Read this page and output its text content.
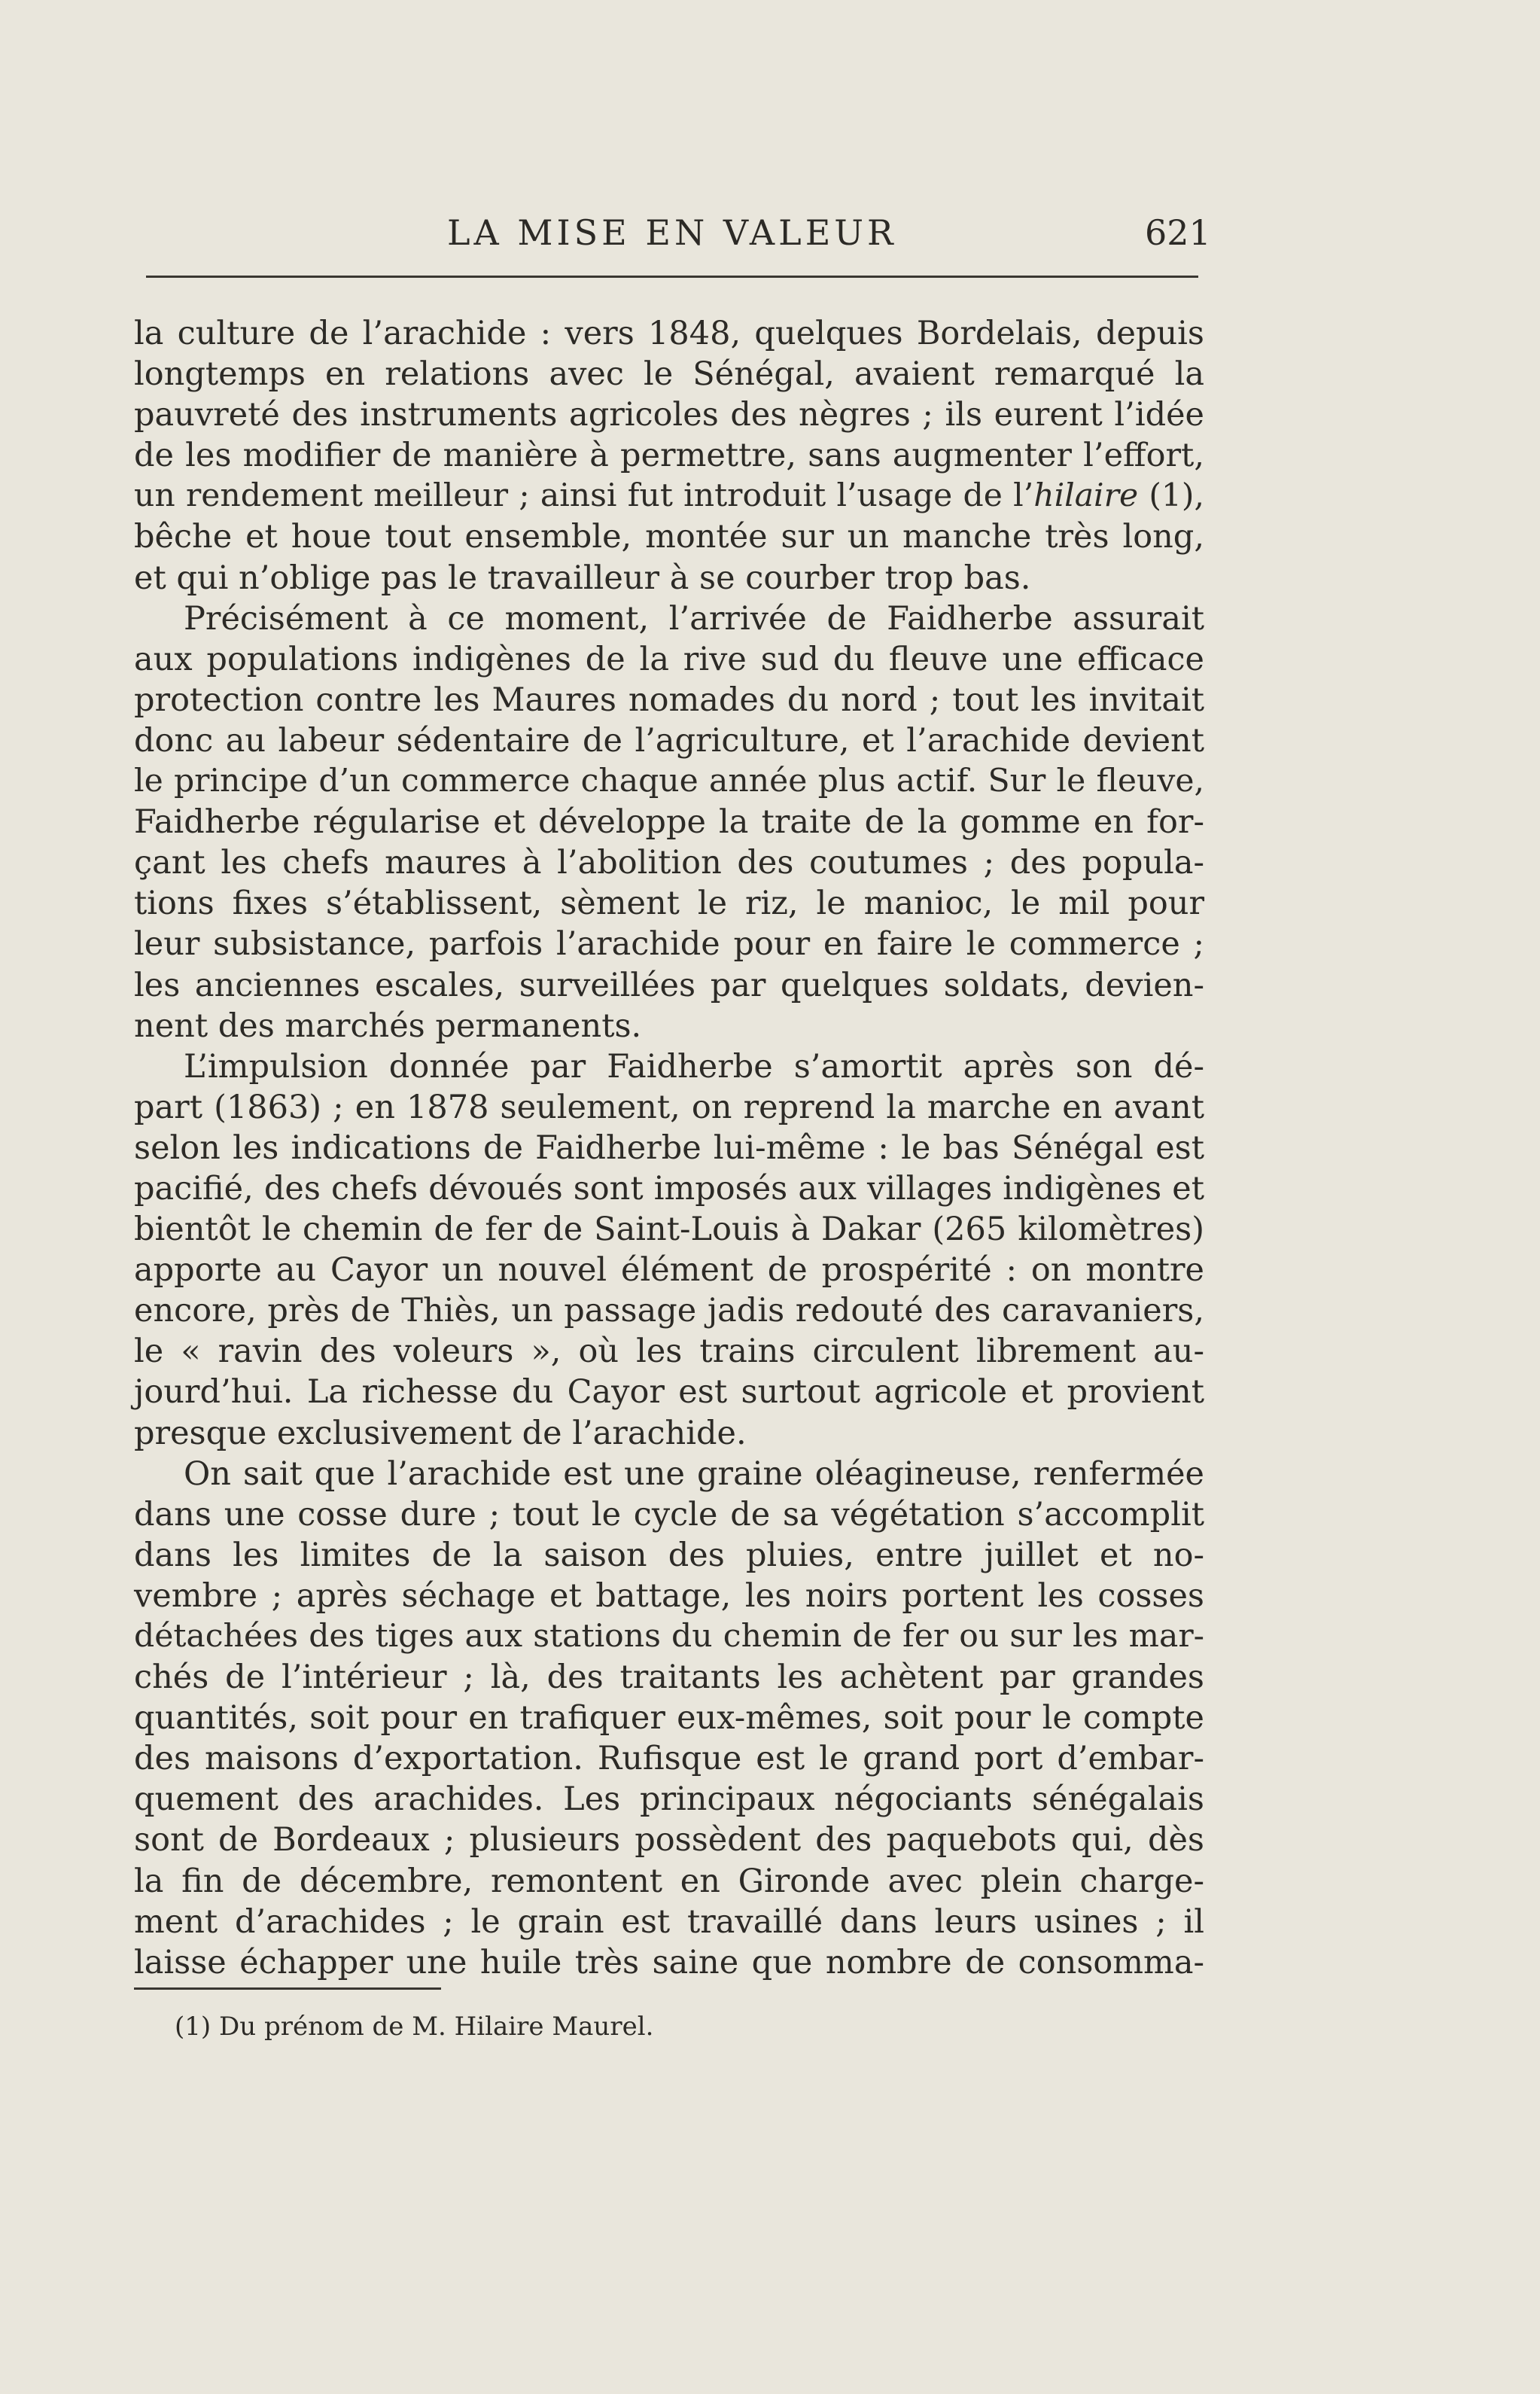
LA MISE EN VALEUR	621
la culture de l’arachide : vers 1848, quelques Bordelais, depuis
longtemps en relations avec le Sénégal, avaient remarqué la
pauvreté des instruments agricoles des nègres ; ils eurent l’idée
de les modifier de manière à permettre, sans augmenter l’effort,
un rendement meilleur ; ainsi fut introduit l’usage de l’hilaire (1),
bêche et houe tout ensemble, montée sur un manche très long,
et qui n’oblige pas le travailleur à se courber trop bas.
Précisément à ce moment, l’arrivée de Faidherbe assurait
aux populations indigènes de la rive sud du fleuve une efficace
protection contre les Maures nomades du nord ; tout les invitait
donc au labeur sédentaire de l’agriculture, et l’arachide devient
le principe d’un commerce chaque année plus actif. Sur le fleuve,
Faidherbe régularise et développe la traite de la gomme en for-
çant les chefs maures à l’abolition des coutumes ; des popula-
tions fixes s’établissent, sèment le riz, le manioc, le mil pour
leur subsistance, parfois l’arachide pour en faire le commerce ;
les anciennes escales, surveillées par quelques soldats, devien-
nent des marchés permanents.
L’impulsion donnée par Faidherbe s’amortit après son dé-
part (1863) ; en 1878 seulement, on reprend la marche en avant
selon les indications de Faidherbe lui-même : le bas Sénégal est
pacifié, des chefs dévoués sont imposés aux villages indigènes et
bientôt le chemin de fer de Saint-Louis à Dakar (265 kilomètres)
apporte au Cayor un nouvel élément de prospérité : on montre
encore, près de Thiès, un passage jadis redouté des caravaniers,
le « ravin des voleurs », où les trains circulent librement au-
jourd’hui. La richesse du Cayor est surtout agricole et provient
presque exclusivement de l’arachide.
On sait que l’arachide est une graine oléagineuse, renfermée
dans une cosse dure ; tout le cycle de sa végétation s’accomplit
dans les limites de la saison des pluies, entre juillet et no-
vembre ; après séchage et battage, les noirs portent les cosses
détachées des tiges aux stations du chemin de fer ou sur les mar-
chés de l’intérieur ; là, des traitants les achètent par grandes
quantités, soit pour en trafiquer eux-mêmes, soit pour le compte
des maisons d’exportation. Rufisque est le grand port d’embar-
quement des arachides. Les principaux négociants sénégalais
sont de Bordeaux ; plusieurs possèdent des paquebots qui, dès
la fin de décembre, remontent en Gironde avec plein charge-
ment d’arachides ; le grain est travaillé dans leurs usines ; il
laisse échapper une huile très saine que nombre de consomma-
(1) Du prénom de M. Hilaire Maurel.
